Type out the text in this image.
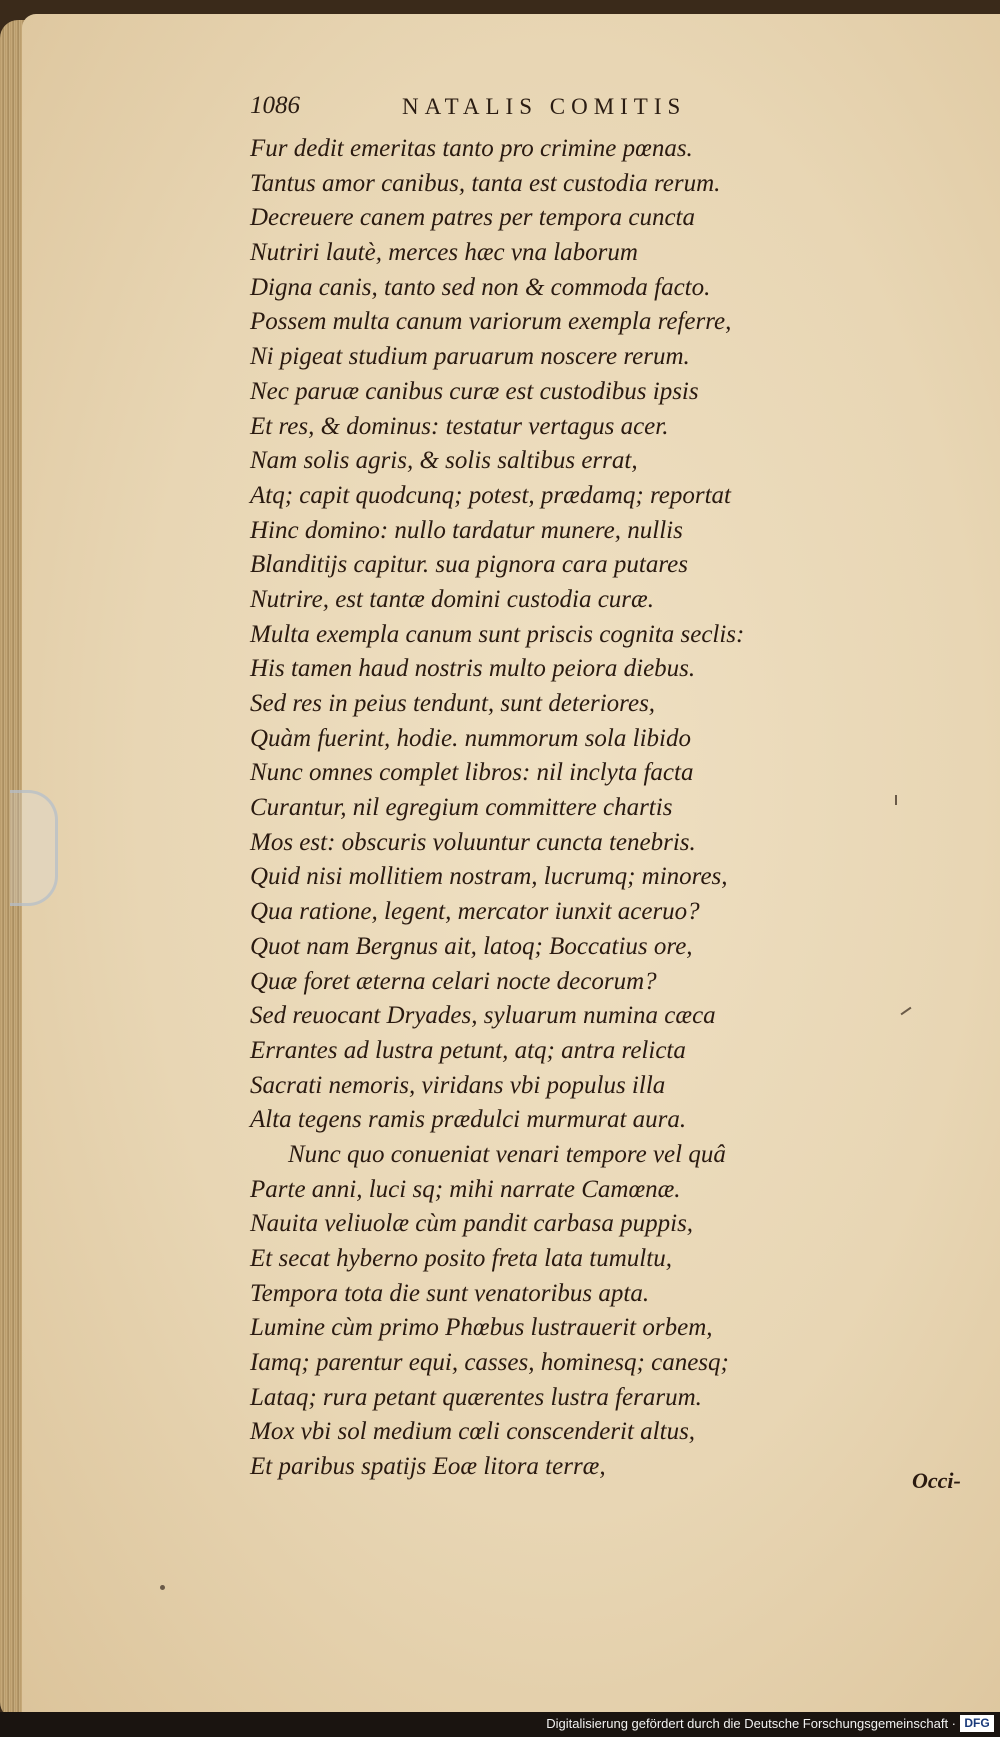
1086	NATALIS COMITIS
Fur dedit emeritas tanto pro crimine pœnas.
Tantus amor canibus, tanta est custodia rerum.
Decreuere canem patres per tempora cuncta
Nutriri lautè, merces hæc vna laborum
Digna canis, tanto sed non & commoda facto.
Possem multa canum variorum exempla referre,
Ni pigeat studium paruarum noscere rerum.
Nec paruæ canibus curæ est custodibus ipsis
Et res, & dominus: testatur vertagus acer.
Nam solis agris, & solis saltibus errat,
Atq; capit quodcunq; potest, prædamq; reportat
Hinc domino: nullo tardatur munere, nullis
Blanditijs capitur. sua pignora cara putares
Nutrire, est tantæ domini custodia curæ.
Multa exempla canum sunt priscis cognita seclis:
His tamen haud nostris multo peiora diebus.
Sed res in peius tendunt, sunt deteriores,
Quàm fuerint, hodie. nummorum sola libido
Nunc omnes complet libros: nil inclyta facta
Curantur, nil egregium committere chartis
Mos est: obscuris voluuntur cuncta tenebris.
Quid nisi mollitiem nostram, lucrumq; minores,
Qua ratione, legent, mercator iunxit aceruo?
Quot nam Bergnus ait, latoq; Boccatius ore,
Quæ foret æterna celari nocte decorum?
Sed reuocant Dryades, syluarum numina cæca
Errantes ad lustra petunt, atq; antra relicta
Sacrati nemoris, viridans vbi populus illa
Alta tegens ramis prædulci murmurat aura.
Nunc quo conueniat venari tempore vel quâ
Parte anni, luci sq; mihi narrate Camœnæ.
Nauita veliuolæ cùm pandit carbasa puppis,
Et secat hyberno posito freta lata tumultu,
Tempora tota die sunt venatoribus apta.
Lumine cùm primo Phœbus lustrauerit orbem,
Iamq; parentur equi, casses, hominesq; canesq;
Lataq; rura petant quærentes lustra ferarum.
Mox vbi sol medium cœli conscenderit altus,
Et paribus spatijs Eoæ litora terræ,
Occi-
Digitalisierung gefördert durch die Deutsche Forschungsgemeinschaft · DFG
